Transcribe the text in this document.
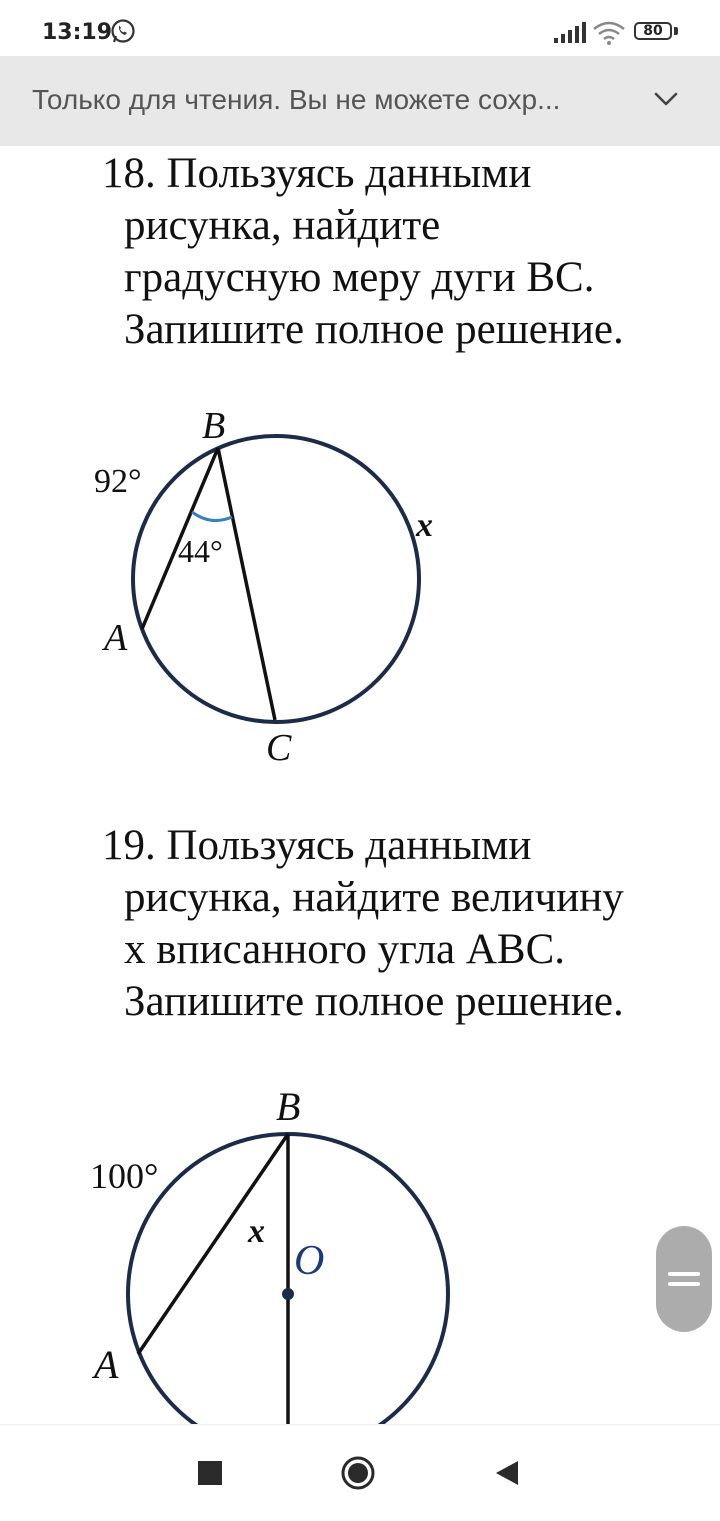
13:19	80
Только для чтения. Вы не можете сохр...
18. Пользуясь данными
рисунка, найдите
градусную меру дуги BC.
Запишите полное решение.
B
A
C
x
92°
44°
19. Пользуясь данными
рисунка, найдите величину
х вписанного угла ABC.
Запишите полное решение.
B
A
O
x
100°
